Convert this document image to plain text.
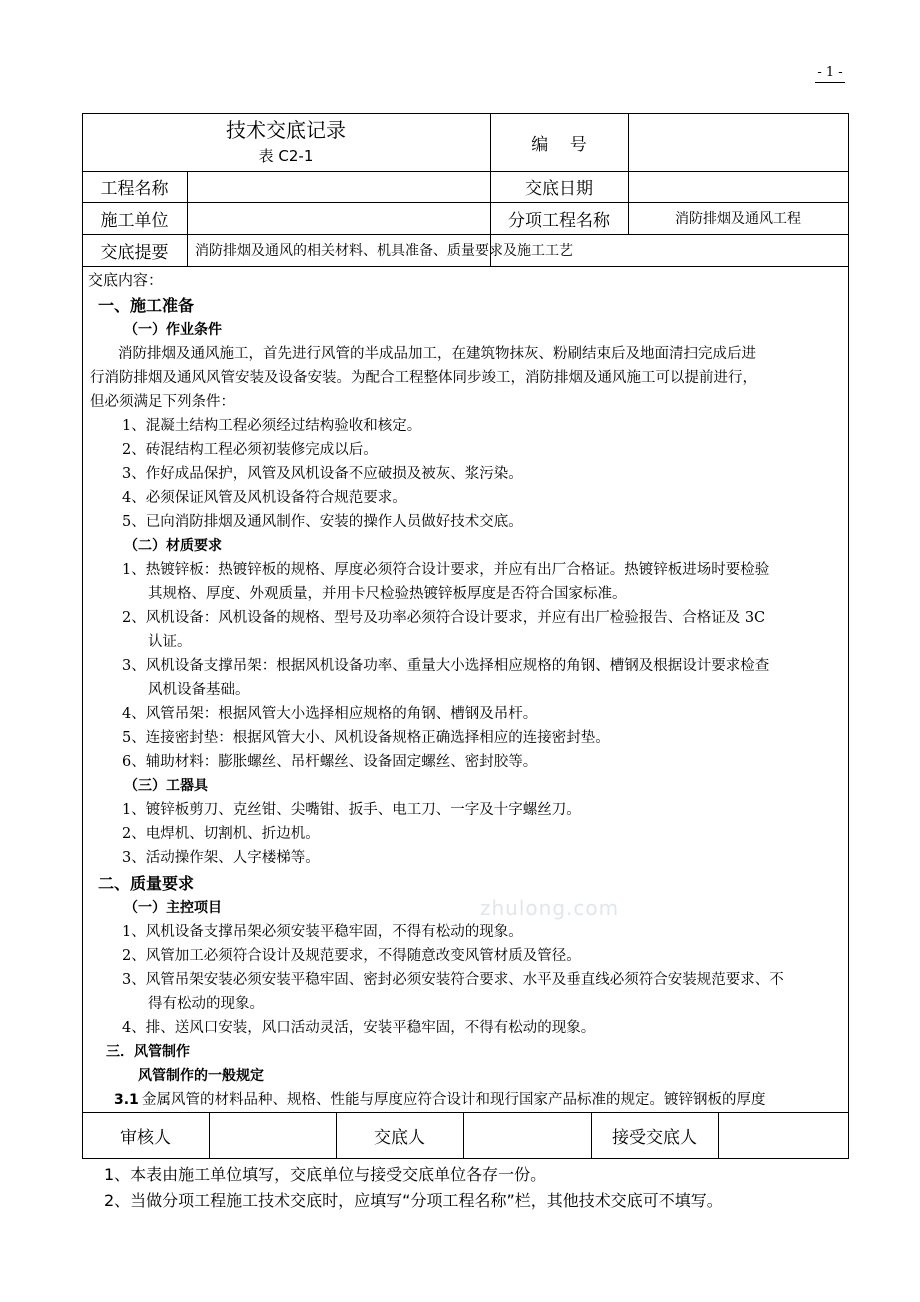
- 1 -
技术交底记录
表 C2-1
编    号
工程名称	交底日期
施工单位	分项工程名称	消防排烟及通风工程
交底提要	消防排烟及通风的相关材料、机具准备、质量要求及施工工艺
交底内容：
一、施工准备
（一）作业条件
消防排烟及通风施工，首先进行风管的半成品加工，在建筑物抹灰、粉刷结束后及地面清扫完成后进
行消防排烟及通风风管安装及设备安装。为配合工程整体同步竣工，消防排烟及通风施工可以提前进行，
但必须满足下列条件：
1、混凝土结构工程必须经过结构验收和核定。
2、砖混结构工程必须初装修完成以后。
3、作好成品保护，风管及风机设备不应破损及被灰、浆污染。
4、必须保证风管及风机设备符合规范要求。
5、已向消防排烟及通风制作、安装的操作人员做好技术交底。
（二）材质要求
1、热镀锌板：热镀锌板的规格、厚度必须符合设计要求，并应有出厂合格证。热镀锌板进场时要检验
其规格、厚度、外观质量，并用卡尺检验热镀锌板厚度是否符合国家标准。
2、风机设备：风机设备的规格、型号及功率必须符合设计要求，并应有出厂检验报告、合格证及 3C
认证。
3、风机设备支撑吊架：根据风机设备功率、重量大小选择相应规格的角钢、槽钢及根据设计要求检查
风机设备基础。
4、风管吊架：根据风管大小选择相应规格的角钢、槽钢及吊杆。
5、连接密封垫：根据风管大小、风机设备规格正确选择相应的连接密封垫。
6、辅助材料：膨胀螺丝、吊杆螺丝、设备固定螺丝、密封胶等。
（三）工器具
1、镀锌板剪刀、克丝钳、尖嘴钳、扳手、电工刀、一字及十字螺丝刀。
2、电焊机、切割机、折边机。
3、活动操作架、人字楼梯等。
二、质量要求
（一）主控项目
1、风机设备支撑吊架必须安装平稳牢固，不得有松动的现象。
2、风管加工必须符合设计及规范要求，不得随意改变风管材质及管径。
3、风管吊架安装必须安装平稳牢固、密封必须安装符合要求、水平及垂直线必须符合安装规范要求、不
得有松动的现象。
4、排、送风口安装，风口活动灵活，安装平稳牢固，不得有松动的现象。
三．风管制作
风管制作的一般规定
3.1 金属风管的材料品种、规格、性能与厚度应符合设计和现行国家产品标准的规定。镀锌钢板的厚度
zhulong.com
审核人	交底人	接受交底人
1、本表由施工单位填写，交底单位与接受交底单位各存一份。
2、当做分项工程施工技术交底时，应填写“分项工程名称”栏，其他技术交底可不填写。
